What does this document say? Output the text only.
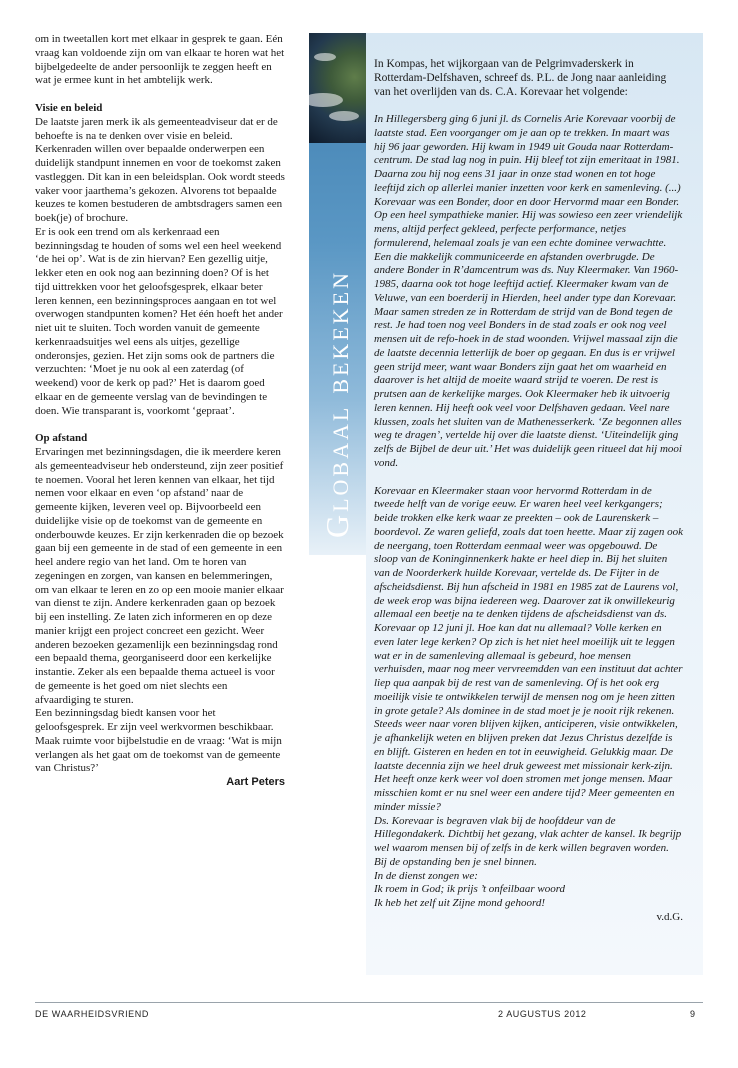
om in tweetallen kort met elkaar in gesprek te gaan. Eén vraag kan voldoende zijn om van elkaar te horen wat het bijbelgedeelte de ander persoonlijk te zeggen heeft en wat je ermee kunt in het ambtelijk werk.

Visie en beleid

De laatste jaren merk ik als gemeenteadviseur dat er de behoefte is na te denken over visie en beleid. Kerkenraden willen over bepaalde onderwerpen een duidelijk standpunt innemen en voor de toekomst zaken vastleggen. Dit kan in een beleidsplan. Ook wordt steeds vaker voor jaarthema’s gekozen. Alvorens tot bepaalde keuzes te komen bestuderen de ambtsdragers samen een boek(je) of brochure.

Er is ook een trend om als kerkenraad een bezinningsdag te houden of soms wel een heel weekend ‘de hei op’. Wat is de zin hiervan? Een gezellig uitje, lekker eten en ook nog aan bezinning doen? Of is het tijd uittrekken voor het geloofsgesprek, elkaar beter leren kennen, een bezinningsproces aangaan en tot wel overwogen standpunten komen? Het één hoeft het ander niet uit te sluiten. Toch worden vanuit de gemeente kerkenraadsuitjes wel eens als uitjes, gezellige onderonsjes, gezien. Het zijn soms ook de partners die verzuchten: ‘Moet je nu ook al een zaterdag (of weekend) voor de kerk op pad?’ Het is daarom goed elkaar en de gemeente verslag van de bevindingen te doen. Wie transparant is, voorkomt ‘gepraat’.

Op afstand

Ervaringen met bezinningsdagen, die ik meerdere keren als gemeenteadviseur heb ondersteund, zijn zeer positief te noemen. Vooral het leren kennen van elkaar, het tijd nemen voor elkaar en even ‘op afstand’ naar de gemeente kijken, leveren veel op. Bijvoorbeeld een duidelijke visie op de toekomst van de gemeente en onderbouwde keuzes. Er zijn kerkenraden die op bezoek gaan bij een gemeente in de stad of een gemeente in een heel andere regio van het land. Om te horen van zegeningen en zorgen, van kansen en belemmeringen, om van elkaar te leren en zo op een mooie manier elkaar van dienst te zijn. Andere kerkenraden gaan op bezoek bij een instelling. Ze laten zich informeren en op deze manier krijgt een project concreet een gezicht. Weer anderen bezoeken gezamenlijk een bezinningsdag rond een bepaald thema, georganiseerd door een kerkelijke instantie. Zeker als een bepaalde thema actueel is voor de gemeente is het goed om niet slechts een afvaardiging te sturen.

Een bezinningsdag biedt kansen voor het geloofsgesprek. Er zijn veel werkvormen beschikbaar. Maak ruimte voor bijbelstudie en de vraag: ‘Wat is mijn verlangen als het gaat om de toekomst van de gemeente van Christus?’

Aart Peters

Globaal bekeken

In Kompas, het wijkorgaan van de Pelgrimvaderskerk in Rotterdam-Delfshaven, schreef ds. P.L. de Jong naar aanleiding van het overlijden van ds. C.A. Korevaar het volgende:

In Hillegersberg ging 6 juni jl. ds Cornelis Arie Korevaar voorbij de laatste stad. Een voorganger om je aan op te trekken. In maart was hij 96 jaar geworden. Hij kwam in 1949 uit Gouda naar Rotterdam-centrum. De stad lag nog in puin. Hij bleef tot zijn emeritaat in 1981. Daarna zou hij nog eens 31 jaar in onze stad wonen en tot hoge leeftijd zich op allerlei manier inzetten voor kerk en samenleving. (...) Korevaar was een Bonder, door en door Hervormd maar een Bonder. Op een heel sympathieke manier. Hij was sowieso een zeer vriendelijk mens, altijd perfect gekleed, perfecte performance, netjes formulerend, helemaal zoals je van een echte dominee verwachtte. Een die makkelijk communiceerde en afstanden overbrugde. De andere Bonder in R’damcentrum was ds. Nuy Kleermaker. Van 1960-1985, daarna ook tot hoge leeftijd actief. Kleermaker kwam van de Veluwe, van een boerderij in Hierden, heel ander type dan Korevaar. Maar samen streden ze in Rotterdam de strijd van de Bond tegen de rest. Je had toen nog veel Bonders in de stad zoals er ook nog veel mensen uit de refo-hoek in de stad woonden. Vrijwel massaal zijn die de laatste decennia letterlijk de boer op gegaan. En dus is er vrijwel geen strijd meer, want waar Bonders zijn gaat het om waarheid en daarover is het altijd de moeite waard strijd te voeren. De rest is prutsen aan de kerkelijke marges. Ook Kleermaker heb ik uitvoerig leren kennen. Hij heeft ook veel voor Delfshaven gedaan. Veel nare klussen, zoals het sluiten van de Mathenesserkerk. ‘Ze begonnen alles weg te dragen’, vertelde hij over die laatste dienst. ‘Uiteindelijk ging zelfs de Bijbel de deur uit.’ Het was duidelijk geen ritueel dat hij mooi vond.

Korevaar en Kleermaker staan voor hervormd Rotterdam in de tweede helft van de vorige eeuw. Er waren heel veel kerkgangers; beide trokken elke kerk waar ze preekten – ook de Laurenskerk – boordevol. Ze waren geliefd, zoals dat toen heette. Maar zij zagen ook de neergang, toen Rotterdam eenmaal weer was opgebouwd. De sloop van de Koninginnenkerk hakte er heel diep in. Bij het sluiten van de Noorderkerk huilde Korevaar, vertelde ds. De Fijter in de afscheidsdienst. Bij hun afscheid in 1981 en 1985 zat de Laurens vol, de week erop was bijna iedereen weg. Daarover zat ik onwillekeurig allemaal een beetje na te denken tijdens de afscheidsdienst van ds. Korevaar op 12 juni jl. Hoe kan dat nu allemaal? Volle kerken en even later lege kerken? Op zich is het niet heel moeilijk uit te leggen wat er in de samenleving allemaal is gebeurd, hoe mensen verhuisden, maar nog meer vervreemdden van een instituut dat achter liep qua aanpak bij de rest van de samenleving. Of is het ook erg moeilijk visie te ontwikkelen terwijl de mensen nog om je heen zitten in grote getale? Als dominee in de stad moet je je nooit rijk rekenen. Steeds weer naar voren blijven kijken, anticiperen, visie ontwikkelen, je afhankelijk weten en blijven preken dat Jezus Christus dezelfde is en blijft. Gisteren en heden en tot in eeuwigheid. Gelukkig maar. De laatste decennia zijn we heel druk geweest met missionair kerk-zijn. Het heeft onze kerk weer vol doen stromen met jonge mensen. Maar misschien komt er nu snel weer een andere tijd? Meer gemeenten en minder missie?

Ds. Korevaar is begraven vlak bij de hoofddeur van de Hillegondakerk. Dichtbij het gezang, vlak achter de kansel. Ik begrijp wel waarom mensen bij of zelfs in de kerk willen begraven worden. Bij de opstanding ben je snel binnen.

In de dienst zongen we:

Ik roem in God; ik prijs ’t onfeilbaar woord

Ik heb het zelf uit Zijne mond gehoord!

v.d.G.

DE WAARHEIDSVRIEND	2 AUGUSTUS 2012	9
